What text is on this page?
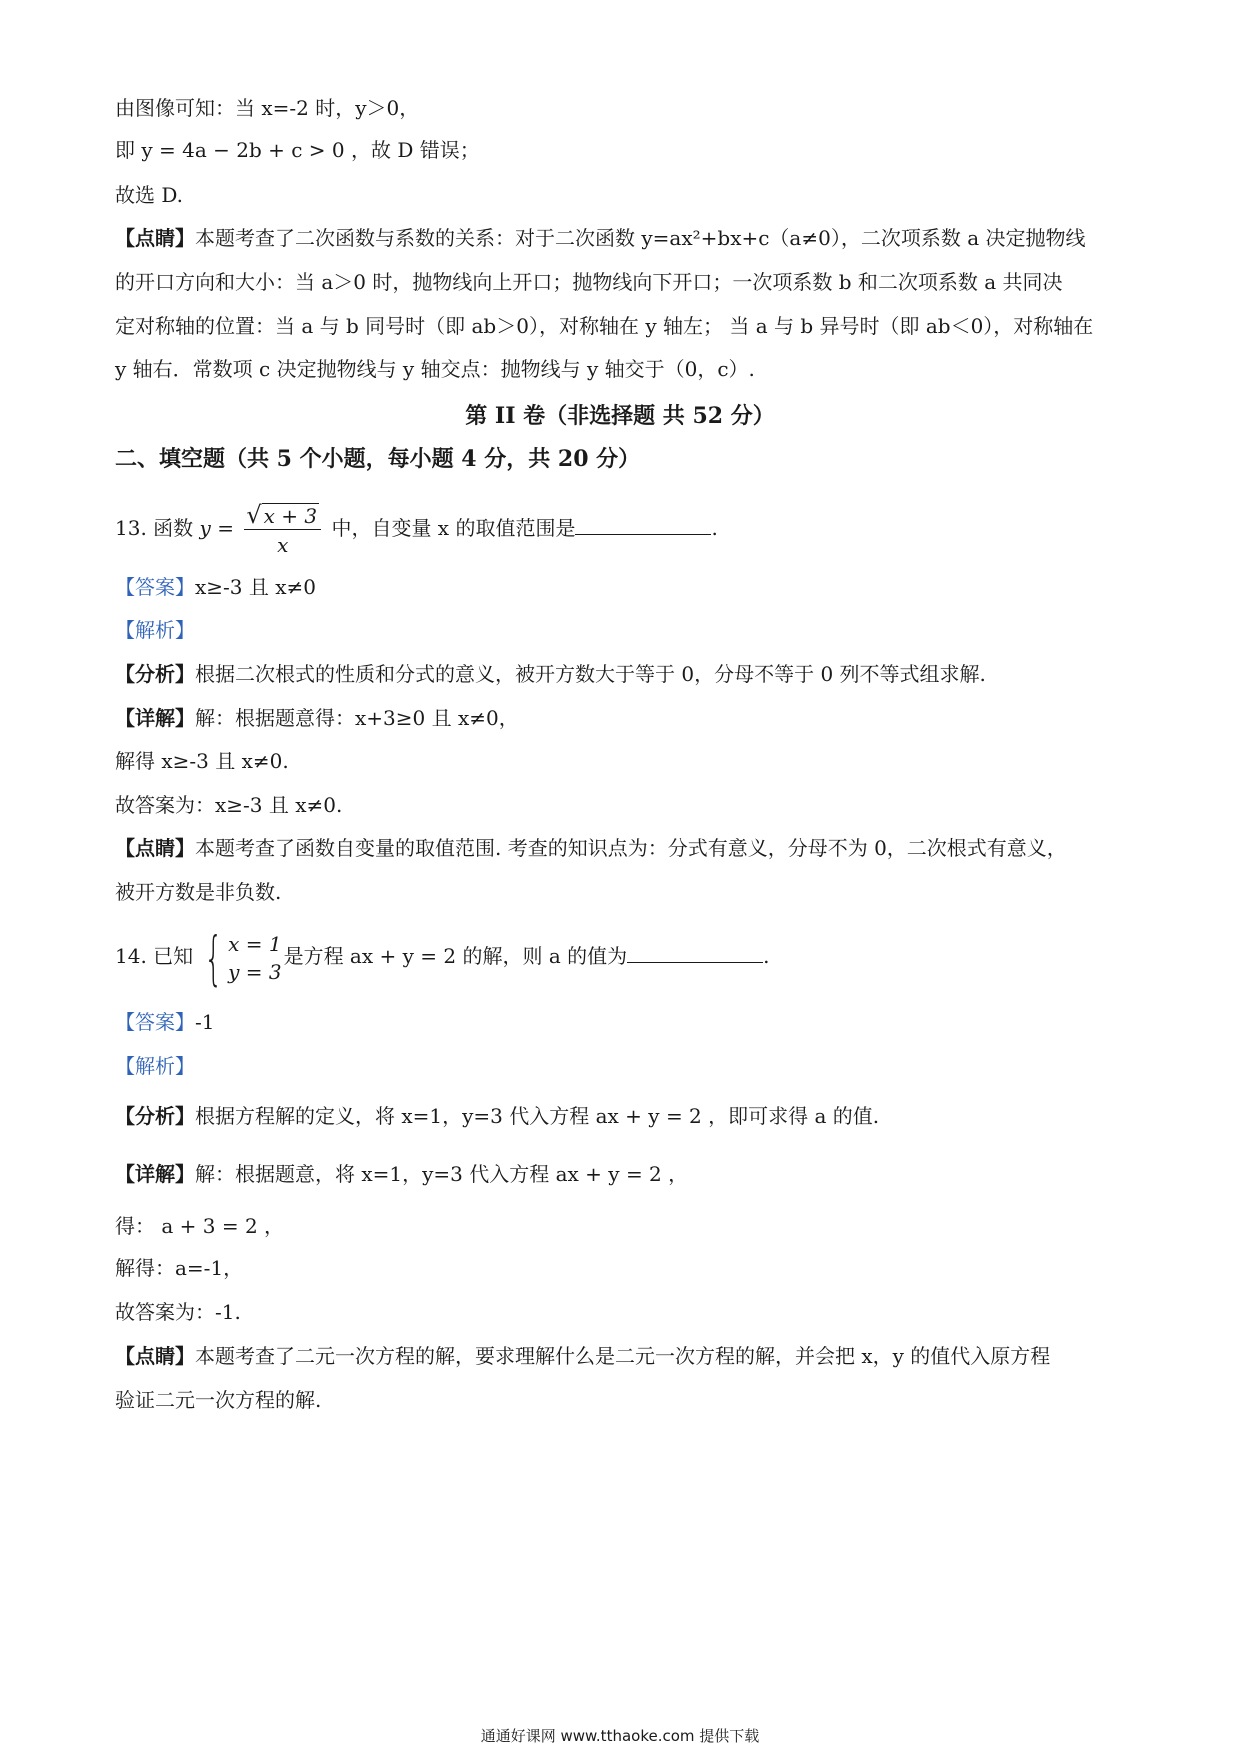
由图像可知：当 x=-2 时，y＞0，
即 y = 4a − 2b + c > 0 ，故 D 错误；
故选 D.
【点睛】本题考查了二次函数与系数的关系：对于二次函数 y=ax²+bx+c（a≠0），二次项系数 a 决定抛物线
的开口方向和大小：当 a＞0 时，抛物线向上开口；抛物线向下开口；一次项系数 b 和二次项系数 a 共同决
定对称轴的位置：当 a 与 b 同号时（即 ab＞0），对称轴在 y 轴左； 当 a 与 b 异号时（即 ab＜0），对称轴在
y 轴右．常数项 c 决定抛物线与 y 轴交点：抛物线与 y 轴交于（0，c）.
第 II 卷（非选择题 共 52 分）
二、填空题（共 5 个小题，每小题 4 分，共 20 分）
13. 函数 $y = \frac{√ x + 3}{x}$ 中，自变量 x 的取值范围是	.
【答案】x≥-3 且 x≠0
【解析】
【分析】根据二次根式的性质和分式的意义，被开方数大于等于 0，分母不等于 0 列不等式组求解.
【详解】解：根据题意得：x+3≥0 且 x≠0，
解得 x≥-3 且 x≠0.
故答案为：x≥-3 且 x≠0.
【点睛】本题考查了函数自变量的取值范围. 考查的知识点为：分式有意义，分母不为 0，二次根式有意义，
被开方数是非负数.
14. 已知 { x = 1
y = 3
是方程 ax + y = 2 的解，则 a 的值为	.
【答案】-1
【解析】
【分析】根据方程解的定义，将 x=1，y=3 代入方程 ax + y = 2 ，即可求得 a 的值.
【详解】解：根据题意，将 x=1，y=3 代入方程 ax + y = 2 ，
得： a + 3 = 2 ，
解得：a=-1，
故答案为：-1.
【点睛】本题考查了二元一次方程的解，要求理解什么是二元一次方程的解，并会把 x，y 的值代入原方程
验证二元一次方程的解.
通通好课网 www.tthaoke.com 提供下载
